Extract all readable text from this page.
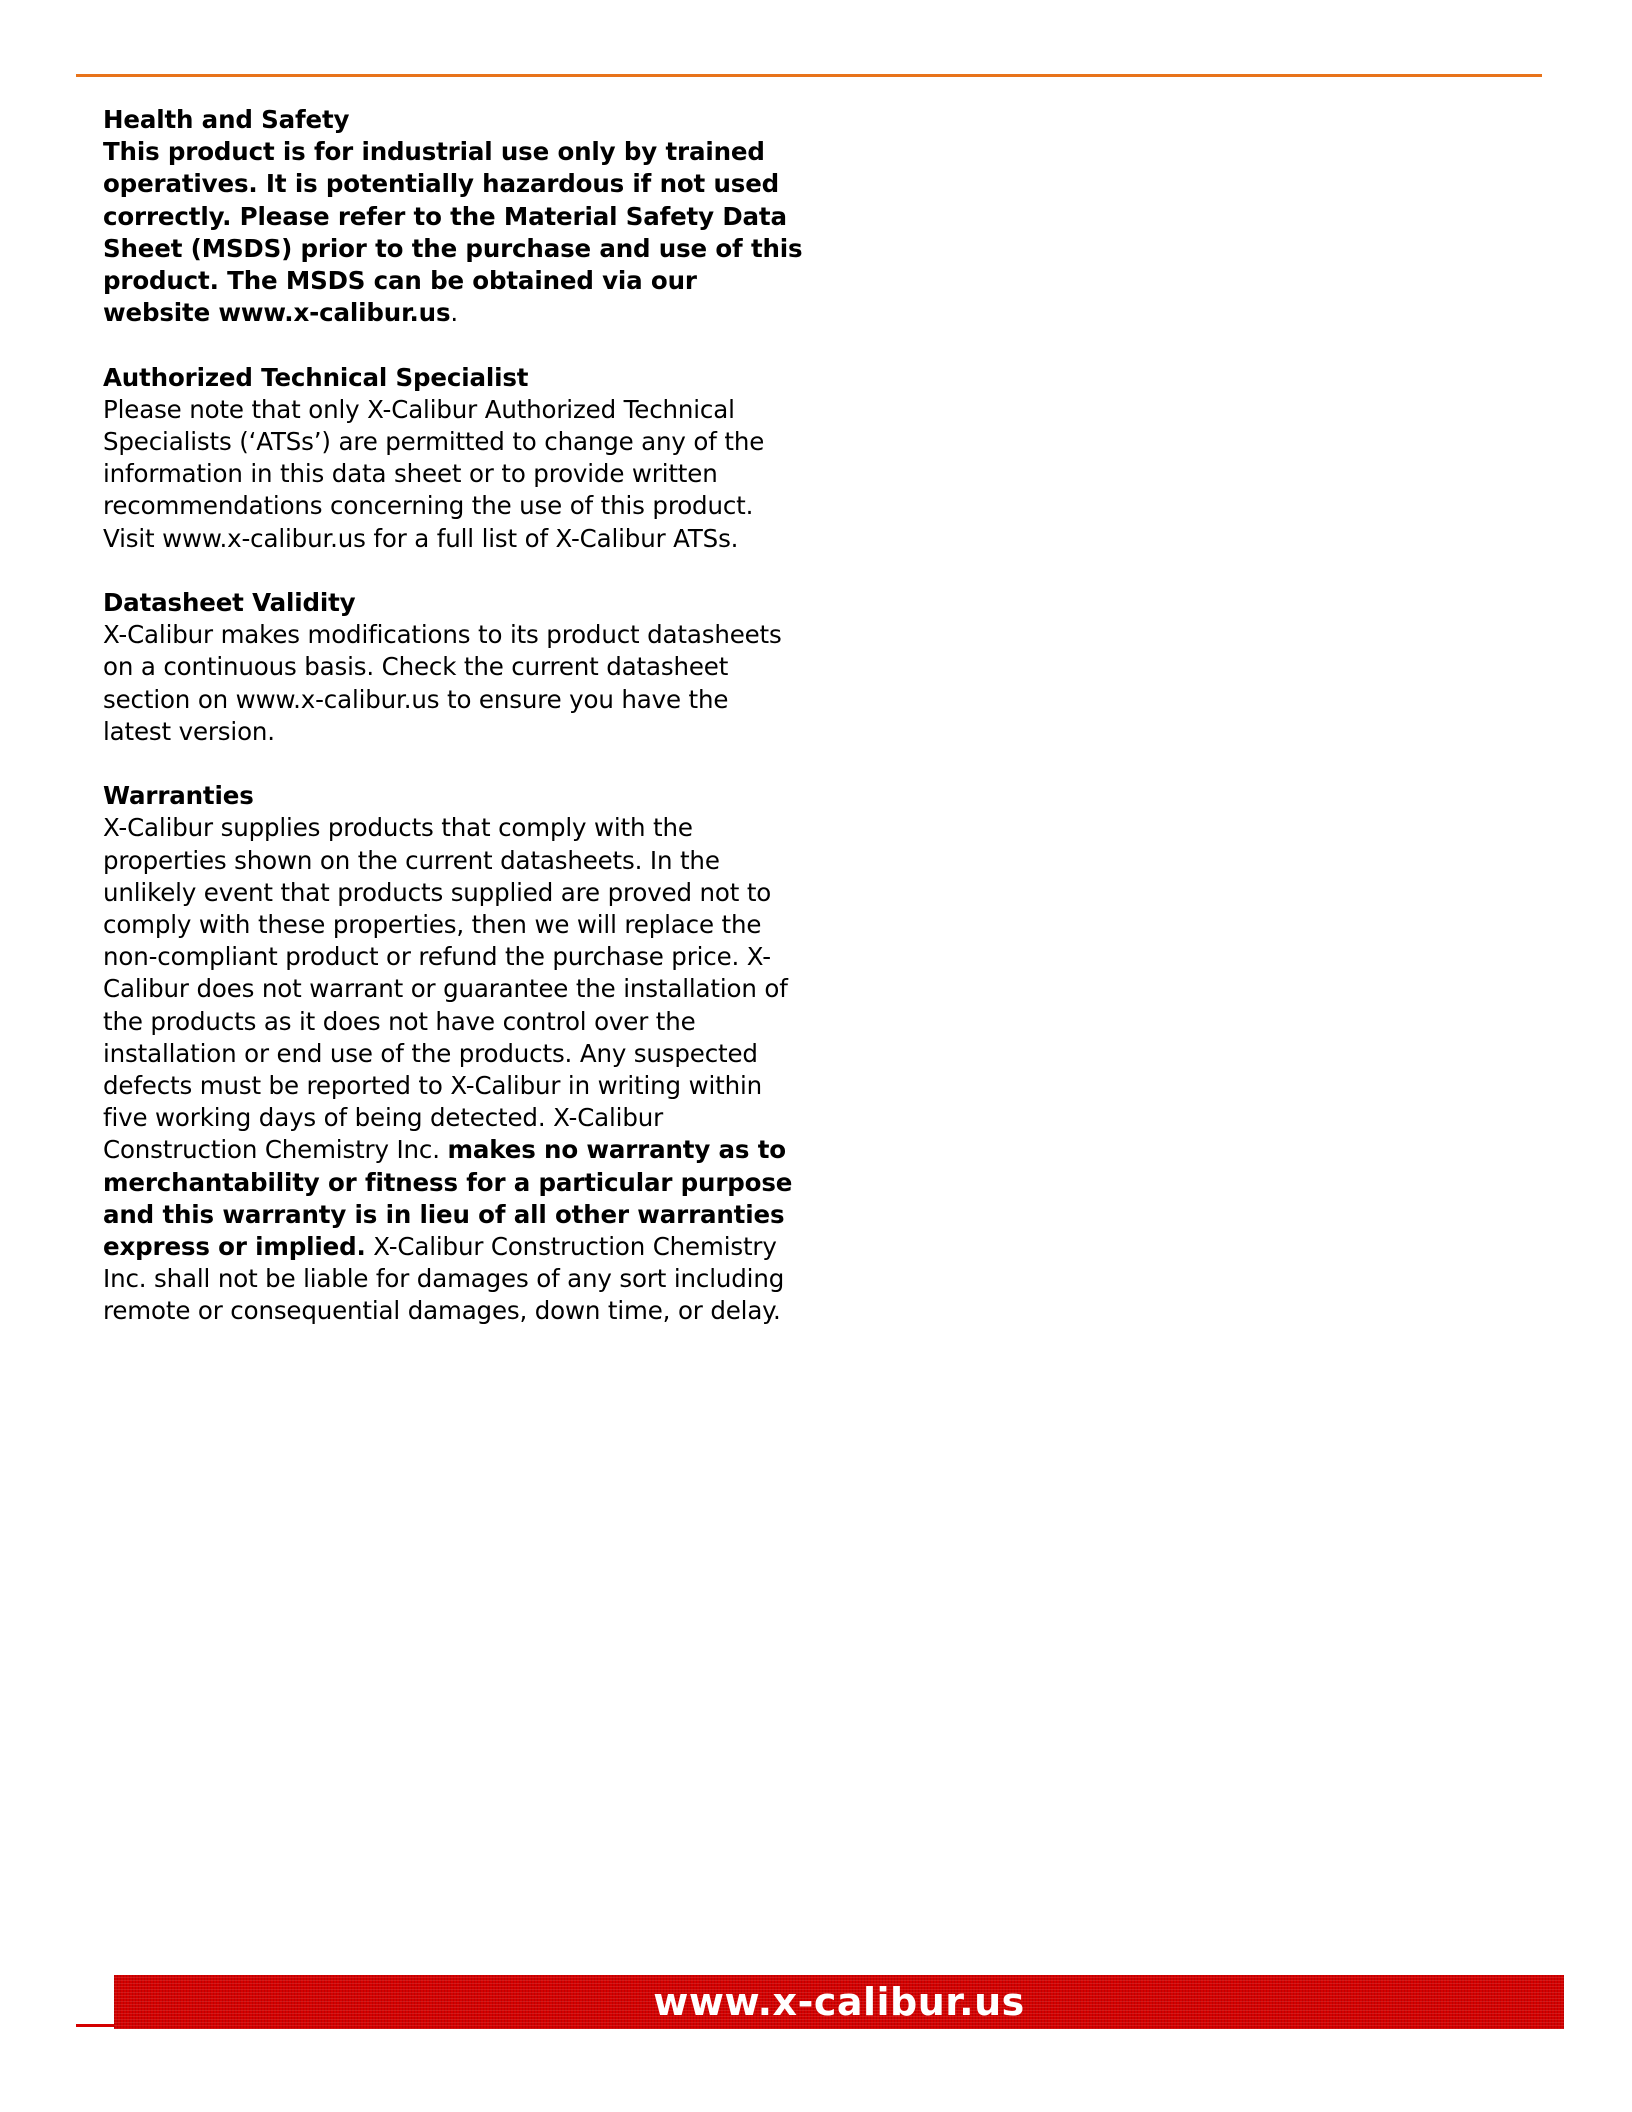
Health and Safety

This product is for industrial use only by trained operatives. It is potentially hazardous if not used correctly. Please refer to the Material Safety Data Sheet (MSDS) prior to the purchase and use of this product. The MSDS can be obtained via our website www.x-calibur.us.

Authorized Technical Specialist

Please note that only X-Calibur Authorized Technical Specialists (‘ATSs’) are permitted to change any of the information in this data sheet or to provide written recommendations concerning the use of this product. Visit www.x-calibur.us for a full list of X-Calibur ATSs.

Datasheet Validity

X-Calibur makes modifications to its product datasheets on a continuous basis. Check the current datasheet section on www.x-calibur.us to ensure you have the latest version.

Warranties

X-Calibur supplies products that comply with the properties shown on the current datasheets. In the unlikely event that products supplied are proved not to comply with these properties, then we will replace the non-compliant product or refund the purchase price. X-Calibur does not warrant or guarantee the installation of the products as it does not have control over the installation or end use of the products. Any suspected defects must be reported to X-Calibur in writing within five working days of being detected. X-Calibur Construction Chemistry Inc. makes no warranty as to merchantability or fitness for a particular purpose and this warranty is in lieu of all other warranties express or implied. X-Calibur Construction Chemistry Inc. shall not be liable for damages of any sort including remote or consequential damages, down time, or delay.

www.x-calibur.us
